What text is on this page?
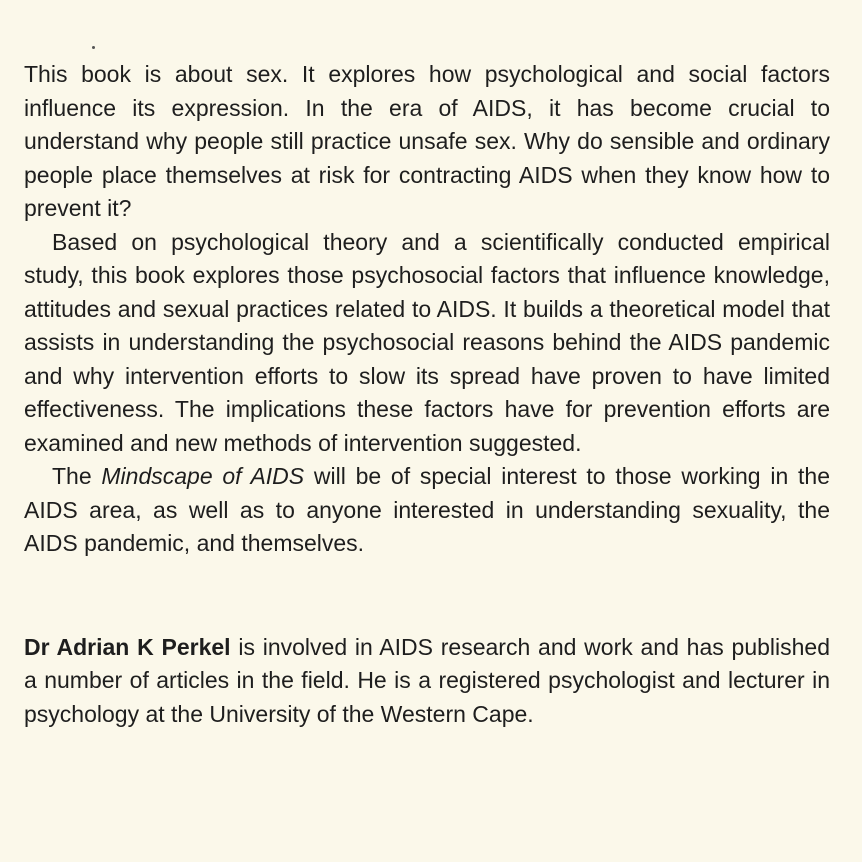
This book is about sex. It explores how psychological and social factors influence its expression. In the era of AIDS, it has become crucial to understand why people still practice unsafe sex. Why do sensible and ordinary people place themselves at risk for contracting AIDS when they know how to prevent it?

Based on psychological theory and a scientifically conducted empirical study, this book explores those psychosocial factors that influence knowledge, attitudes and sexual practices related to AIDS. It builds a theoretical model that assists in understanding the psychosocial reasons behind the AIDS pandemic and why intervention efforts to slow its spread have proven to have limited effectiveness. The implications these factors have for prevention efforts are examined and new methods of intervention suggested.

The Mindscape of AIDS will be of special interest to those working in the AIDS area, as well as to anyone interested in understanding sexuality, the AIDS pandemic, and themselves.

Dr Adrian K Perkel is involved in AIDS research and work and has published a number of articles in the field. He is a registered psychologist and lecturer in psychology at the University of the Western Cape.
